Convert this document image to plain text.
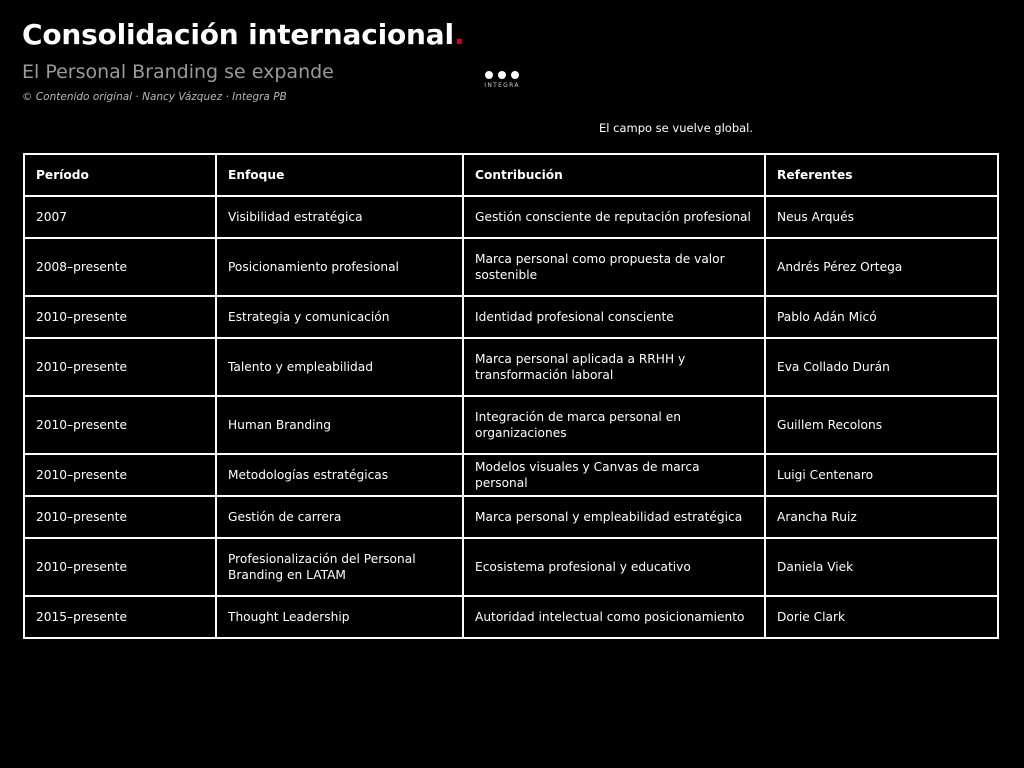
Consolidación internacional.
El Personal Branding se expande
© Contenido original · Nancy Vázquez · Integra PB
INTEGRA
El campo se vuelve global.
Período	Enfoque	Contribución	Referentes
2007	Visibilidad estratégica	Gestión consciente de reputación profesional	Neus Arqués
2008–presente	Posicionamiento profesional	Marca personal como propuesta de valor sostenible	Andrés Pérez Ortega
2010–presente	Estrategia y comunicación	Identidad profesional consciente	Pablo Adán Micó
2010–presente	Talento y empleabilidad	Marca personal aplicada a RRHH y transformación laboral	Eva Collado Durán
2010–presente	Human Branding	Integración de marca personal en organizaciones	Guillem Recolons
2010–presente	Metodologías estratégicas	Modelos visuales y Canvas de marca personal	Luigi Centenaro
2010–presente	Gestión de carrera	Marca personal y empleabilidad estratégica	Arancha Ruiz
2010–presente	Profesionalización del Personal Branding en LATAM	Ecosistema profesional y educativo	Daniela Viek
2015–presente	Thought Leadership	Autoridad intelectual como posicionamiento	Dorie Clark
